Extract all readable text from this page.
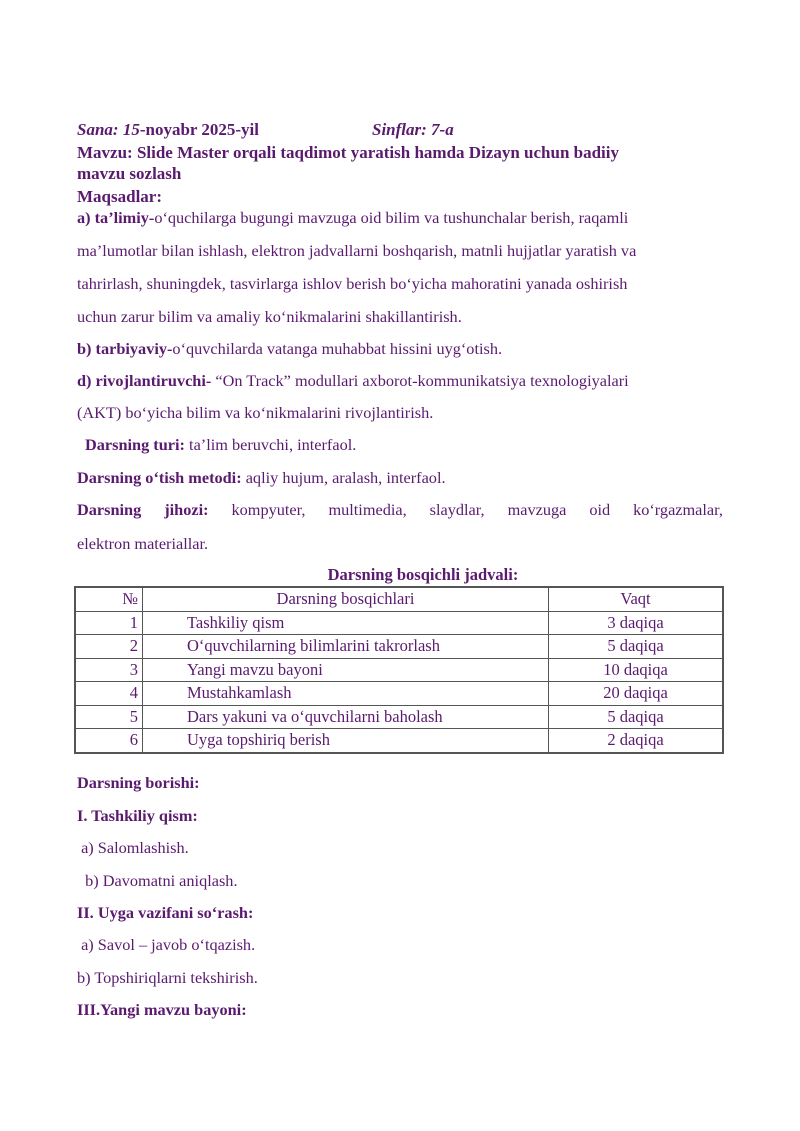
Sana: 15-noyabr 2025-yil	Sinflar: 7-a
Mavzu: Slide Master orqali taqdimot yaratish hamda Dizayn uchun badiiy
mavzu sozlash
Maqsadlar:
a) ta’limiy-o‘quchilarga bugungi mavzuga oid bilim va tushunchalar berish, raqamli
ma’lumotlar bilan ishlash, elektron jadvallarni boshqarish, matnli hujjatlar yaratish va
tahrirlash, shuningdek, tasvirlarga ishlov berish bo‘yicha mahoratini yanada oshirish
uchun zarur bilim va amaliy ko‘nikmalarini shakillantirish.
b) tarbiyaviy-o‘quvchilarda vatanga muhabbat hissini uyg‘otish.
d) rivojlantiruvchi- “On Track” modullari axborot-kommunikatsiya texnologiyalari
(AKT) bo‘yicha bilim va ko‘nikmalarini rivojlantirish.
Darsning turi: ta’lim beruvchi, interfaol.
Darsning o‘tish metodi: aqliy hujum, aralash, interfaol.
Darsning jihozi: kompyuter, multimedia, slaydlar, mavzuga oid ko‘rgazmalar,
elektron materiallar.
Darsning bosqichli jadvali:
№	Darsning bosqichlari	Vaqt
1	Tashkiliy qism	3 daqiqa
2	O‘quvchilarning bilimlarini takrorlash	5 daqiqa
3	Yangi mavzu bayoni	10 daqiqa
4	Mustahkamlash	20 daqiqa
5	Dars yakuni va o‘quvchilarni baholash	5 daqiqa
6	Uyga topshiriq berish	2 daqiqa
Darsning borishi:
I. Tashkiliy qism:
a) Salomlashish.
b) Davomatni aniqlash.
II. Uyga vazifani so‘rash:
a) Savol – javob o‘tqazish.
b) Topshiriqlarni tekshirish.
III.Yangi mavzu bayoni:
